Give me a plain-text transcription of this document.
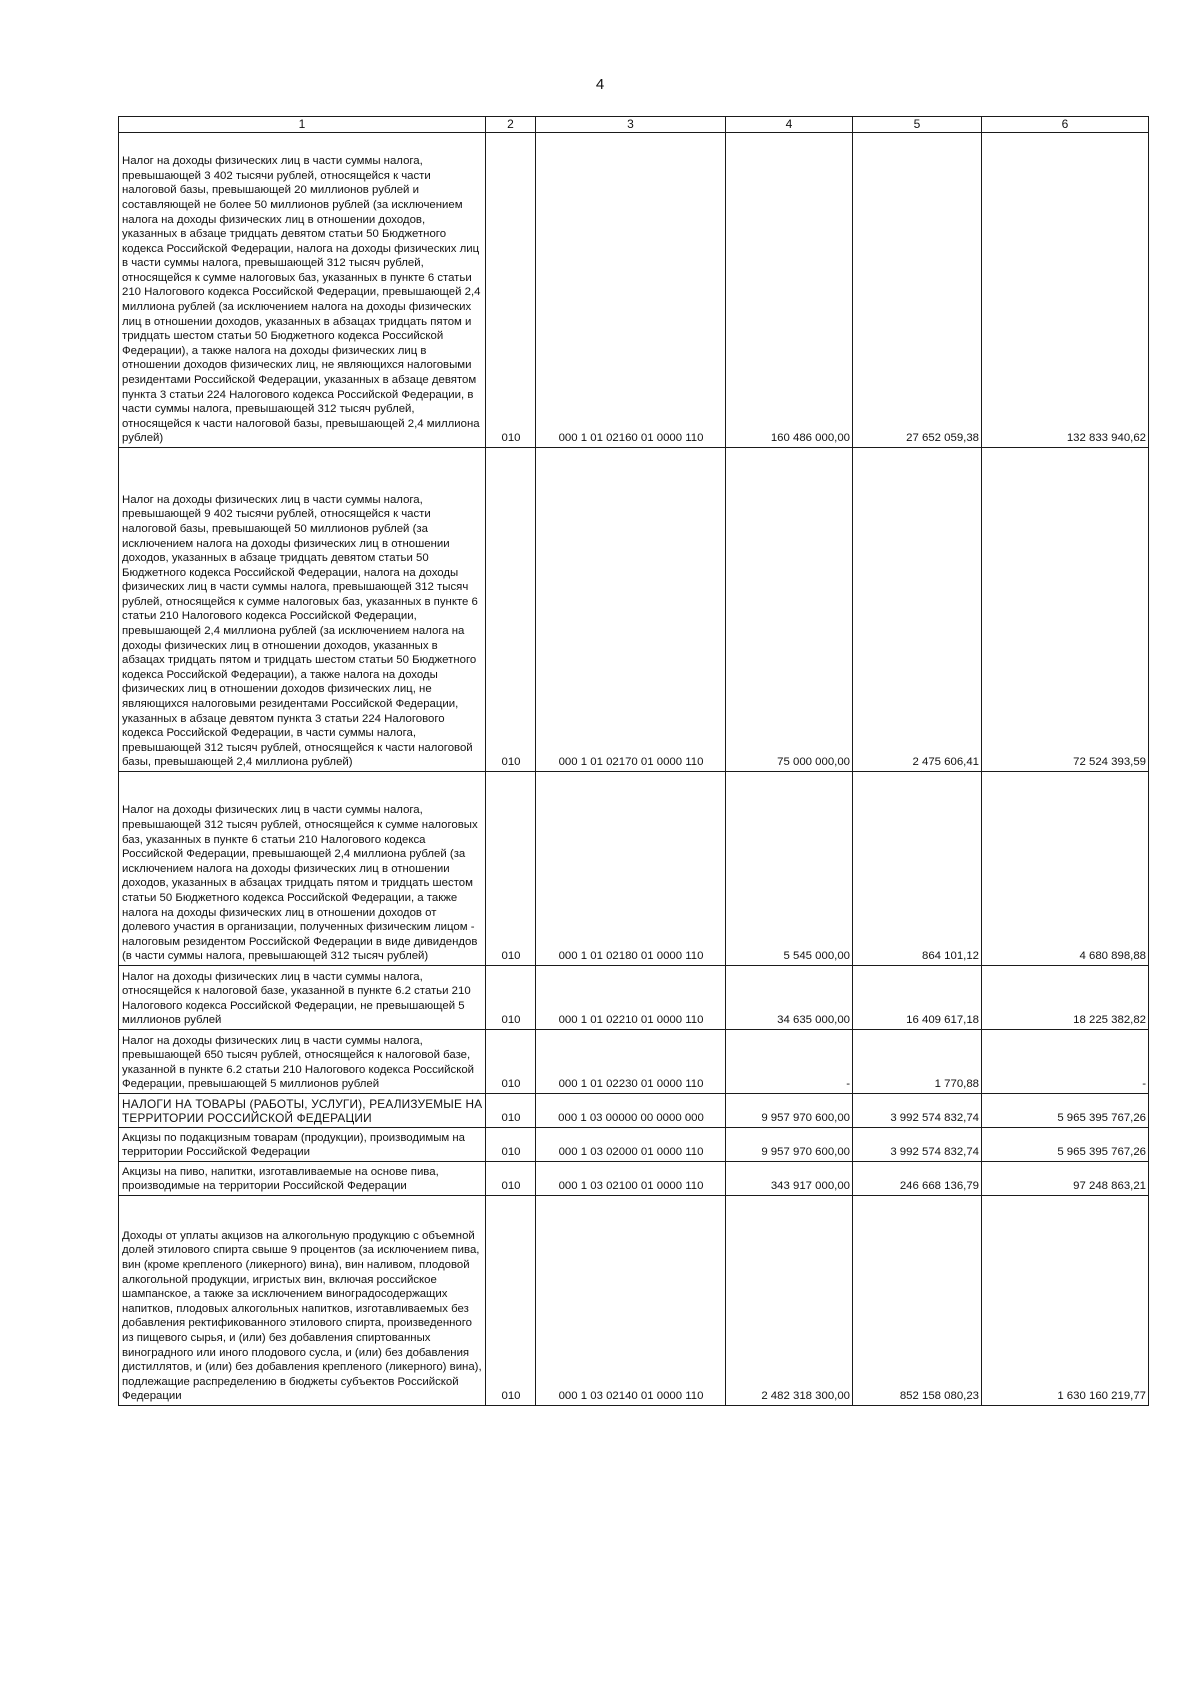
4
1	2	3	4	5	6
Налог на доходы физических лиц в части суммы налога, превышающей 3 402 тысячи рублей, относящейся к части налоговой базы, превышающей 20 миллионов рублей и составляющей не более 50 миллионов рублей (за исключением налога на доходы физических лиц в отношении доходов, указанных в абзаце тридцать девятом статьи 50 Бюджетного кодекса Российской Федерации, налога на доходы физических лиц в части суммы налога, превышающей 312 тысяч рублей, относящейся к сумме налоговых баз, указанных в пункте 6 статьи 210 Налогового кодекса Российской Федерации, превышающей 2,4 миллиона рублей (за исключением налога на доходы физических лиц в отношении доходов, указанных в абзацах тридцать пятом и тридцать шестом статьи 50 Бюджетного кодекса Российской Федерации), а также налога на доходы физических лиц в отношении доходов физических лиц, не являющихся налоговыми резидентами Российской Федерации, указанных в абзаце девятом пункта 3 статьи 224 Налогового кодекса Российской Федерации, в части суммы налога, превышающей 312 тысяч рублей, относящейся к части налоговой базы, превышающей 2,4 миллиона рублей)	010	000 1 01 02160 01 0000 110	160 486 000,00	27 652 059,38	132 833 940,62
Налог на доходы физических лиц в части суммы налога, превышающей 9 402 тысячи рублей, относящейся к части налоговой базы, превышающей 50 миллионов рублей (за исключением налога на доходы физических лиц в отношении доходов, указанных в абзаце тридцать девятом статьи 50 Бюджетного кодекса Российской Федерации, налога на доходы физических лиц в части суммы налога, превышающей 312 тысяч рублей, относящейся к сумме налоговых баз, указанных в пункте 6 статьи 210 Налогового кодекса Российской Федерации, превышающей 2,4 миллиона рублей (за исключением налога на доходы физических лиц в отношении доходов, указанных в абзацах тридцать пятом и тридцать шестом статьи 50 Бюджетного кодекса Российской Федерации), а также налога на доходы физических лиц в отношении доходов физических лиц, не являющихся налоговыми резидентами Российской Федерации, указанных в абзаце девятом пункта 3 статьи 224 Налогового кодекса Российской Федерации, в части суммы налога, превышающей 312 тысяч рублей, относящейся к части налоговой базы, превышающей 2,4 миллиона рублей)	010	000 1 01 02170 01 0000 110	75 000 000,00	2 475 606,41	72 524 393,59
Налог на доходы физических лиц в части суммы налога, превышающей 312 тысяч рублей, относящейся к сумме налоговых баз, указанных в пункте 6 статьи 210 Налогового кодекса Российской Федерации, превышающей 2,4 миллиона рублей (за исключением налога на доходы физических лиц в отношении доходов, указанных в абзацах тридцать пятом и тридцать шестом статьи 50 Бюджетного кодекса Российской Федерации, а также налога на доходы физических лиц в отношении доходов от долевого участия в организации, полученных физическим лицом - налоговым резидентом Российской Федерации в виде дивидендов (в части суммы налога, превышающей 312 тысяч рублей)	010	000 1 01 02180 01 0000 110	5 545 000,00	864 101,12	4 680 898,88
Налог на доходы физических лиц в части суммы налога, относящейся к налоговой базе, указанной в пункте 6.2 статьи 210 Налогового кодекса Российской Федерации, не превышающей 5 миллионов рублей	010	000 1 01 02210 01 0000 110	34 635 000,00	16 409 617,18	18 225 382,82
Налог на доходы физических лиц в части суммы налога, превышающей 650 тысяч рублей, относящейся к налоговой базе, указанной в пункте 6.2 статьи 210 Налогового кодекса Российской Федерации, превышающей 5 миллионов рублей	010	000 1 01 02230 01 0000 110	-	1 770,88	-
НАЛОГИ НА ТОВАРЫ (РАБОТЫ, УСЛУГИ), РЕАЛИЗУЕМЫЕ НА ТЕРРИТОРИИ РОССИЙСКОЙ ФЕДЕРАЦИИ	010	000 1 03 00000 00 0000 000	9 957 970 600,00	3 992 574 832,74	5 965 395 767,26
Акцизы по подакцизным товарам (продукции), производимым на территории Российской Федерации	010	000 1 03 02000 01 0000 110	9 957 970 600,00	3 992 574 832,74	5 965 395 767,26
Акцизы на пиво, напитки, изготавливаемые на основе пива, производимые на территории Российской Федерации	010	000 1 03 02100 01 0000 110	343 917 000,00	246 668 136,79	97 248 863,21
Доходы от уплаты акцизов на алкогольную продукцию с объемной долей этилового спирта свыше 9 процентов (за исключением пива, вин (кроме крепленого (ликерного) вина), вин наливом, плодовой алкогольной продукции, игристых вин, включая российское шампанское, а также за исключением виноградосодержащих напитков, плодовых алкогольных напитков, изготавливаемых без добавления ректификованного этилового спирта, произведенного из пищевого сырья, и (или) без добавления спиртованных виноградного или иного плодового сусла, и (или) без добавления дистиллятов, и (или) без добавления крепленого (ликерного) вина), подлежащие распределению в бюджеты субъектов Российской Федерации	010	000 1 03 02140 01 0000 110	2 482 318 300,00	852 158 080,23	1 630 160 219,77
